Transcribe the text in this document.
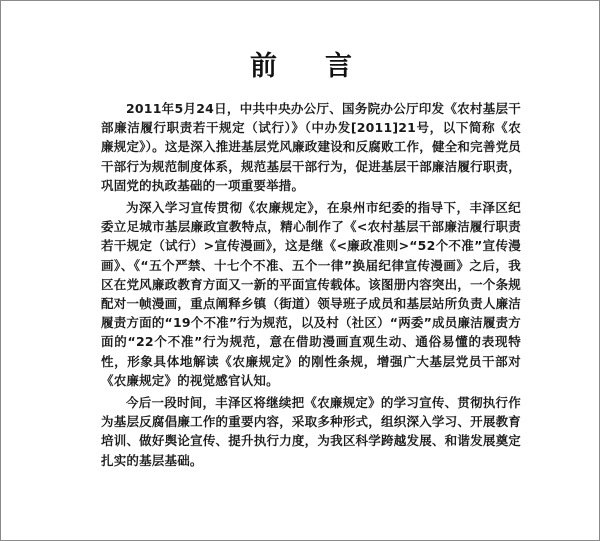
前言

2011年5月24日，中共中央办公厅、国务院办公厅印发《农村基层干部廉洁履行职责若干规定（试行）》（中办发[2011]21号，以下简称《农廉规定》）。这是深入推进基层党风廉政建设和反腐败工作，健全和完善党员干部行为规范制度体系，规范基层干部行为，促进基层干部廉洁履行职责，巩固党的执政基础的一项重要举措。

为深入学习宣传贯彻《农廉规定》，在泉州市纪委的指导下，丰泽区纪委立足城市基层廉政宣教特点，精心制作了《<农村基层干部廉洁履行职责若干规定（试行）>宣传漫画》，这是继《<廉政准则>“52个不准”宣传漫画》、《“五个严禁、十七个不准、五个一律”换届纪律宣传漫画》之后，我区在党风廉政教育方面又一新的平面宣传载体。该图册内容突出，一个条规配对一帧漫画，重点阐释乡镇（街道）领导班子成员和基层站所负责人廉洁履责方面的“19个不准”行为规范，以及村（社区）“两委”成员廉洁履责方面的“22个不准”行为规范，意在借助漫画直观生动、通俗易懂的表现特性，形象具体地解读《农廉规定》的刚性条规，增强广大基层党员干部对《农廉规定》的视觉感官认知。

今后一段时间，丰泽区将继续把《农廉规定》的学习宣传、贯彻执行作为基层反腐倡廉工作的重要内容，采取多种形式，组织深入学习、开展教育培训、做好舆论宣传、提升执行力度，为我区科学跨越发展、和谐发展奠定扎实的基层基础。
